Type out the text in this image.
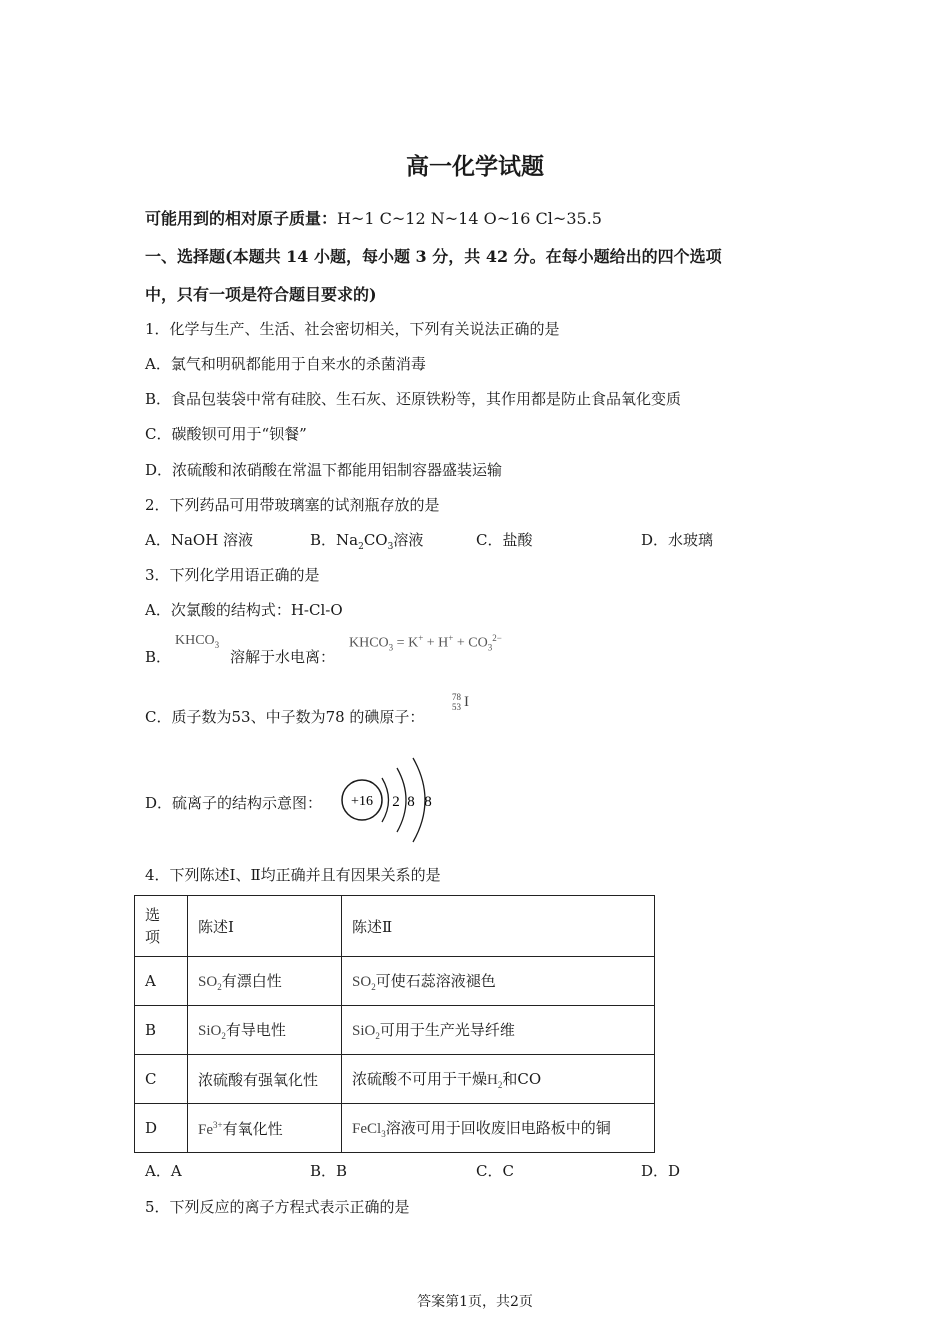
高一化学试题
可能用到的相对原子质量：H~1 C~12 N~14 O~16 Cl~35.5
一、选择题(本题共 14 小题，每小题 3 分，共 42 分。在每小题给出的四个选项
中，只有一项是符合题目要求的)
1．化学与生产、生活、社会密切相关，下列有关说法正确的是
A．氯气和明矾都能用于自来水的杀菌消毒
B．食品包装袋中常有硅胶、生石灰、还原铁粉等，其作用都是防止食品氧化变质
C．碳酸钡可用于“钡餐”
D．浓硫酸和浓硝酸在常温下都能用铝制容器盛装运输
2．下列药品可用带玻璃塞的试剂瓶存放的是
A．NaOH 溶液	B．$Na_2CO_3$溶液	C．盐酸	D．水玻璃
3．下列化学用语正确的是
A．次氯酸的结构式：H-Cl-O
B．
$KHCO_3$
溶解于水电离：
$KHCO_3 = K^+ + H^+ + CO_3^{2-}$
C．质子数为53、中子数为78 的碘原子：
78
53 I
D．硫离子的结构示意图： +16 2 8 8
4．下列陈述Ⅰ、Ⅱ均正确并且有因果关系的是
选
项	陈述Ⅰ	陈述Ⅱ
A	$SO_2$有漂白性	$SO_2$可使石蕊溶液褪色
B	SiO$_2$有导电性	SiO$_2$可用于生产光导纤维
C	浓硫酸有强氧化性	浓硫酸不可用于干燥$H_2$和CO
D	$Fe^{3+}$有氧化性	FeCl$_3$溶液可用于回收废旧电路板中的铜
A．A	B．B	C．C	D．D
5．下列反应的离子方程式表示正确的是
答案第1页，共2页
